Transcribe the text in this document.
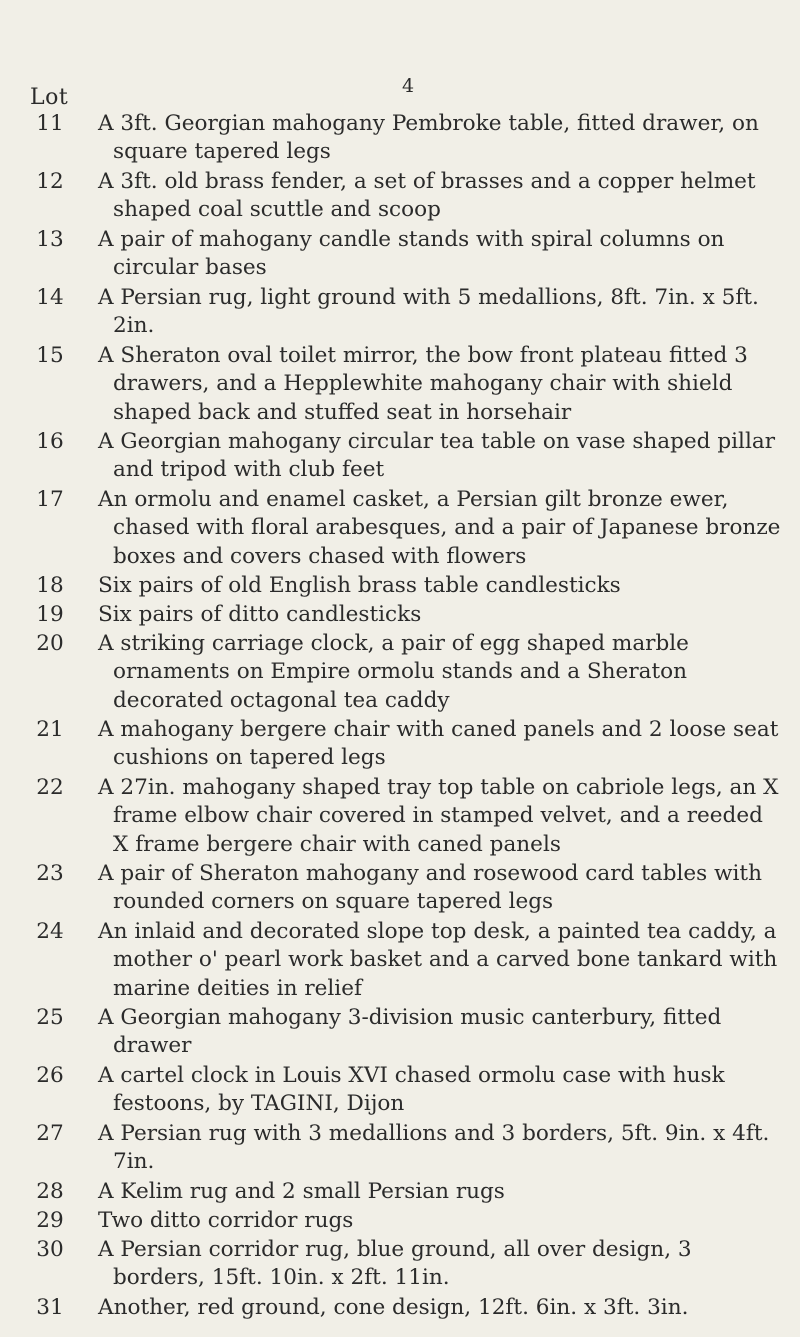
4
Lot
11 A 3ft. Georgian mahogany Pembroke table, fitted drawer, on square tapered legs
12 A 3ft. old brass fender, a set of brasses and a copper helmet shaped coal scuttle and scoop
13 A pair of mahogany candle stands with spiral columns on circular bases
14 A Persian rug, light ground with 5 medallions, 8ft. 7in. x 5ft. 2in.
15 A Sheraton oval toilet mirror, the bow front plateau fitted 3 drawers, and a Hepplewhite mahogany chair with shield shaped back and stuffed seat in horsehair
16 A Georgian mahogany circular tea table on vase shaped pillar and tripod with club feet
17 An ormolu and enamel casket, a Persian gilt bronze ewer, chased with floral arabesques, and a pair of Japanese bronze boxes and covers chased with flowers
18 Six pairs of old English brass table candlesticks
19 Six pairs of ditto candlesticks
20 A striking carriage clock, a pair of egg shaped marble ornaments on Empire ormolu stands and a Sheraton decorated octagonal tea caddy
21 A mahogany bergere chair with caned panels and 2 loose seat cushions on tapered legs
22 A 27in. mahogany shaped tray top table on cabriole legs, an X frame elbow chair covered in stamped velvet, and a reeded X frame bergere chair with caned panels
23 A pair of Sheraton mahogany and rosewood card tables with rounded corners on square tapered legs
24 An inlaid and decorated slope top desk, a painted tea caddy, a mother o' pearl work basket and a carved bone tankard with marine deities in relief
25 A Georgian mahogany 3-division music canterbury, fitted drawer
26 A cartel clock in Louis XVI chased ormolu case with husk festoons, by TAGINI, Dijon
27 A Persian rug with 3 medallions and 3 borders, 5ft. 9in. x 4ft. 7in.
28 A Kelim rug and 2 small Persian rugs
29 Two ditto corridor rugs
30 A Persian corridor rug, blue ground, all over design, 3 borders, 15ft. 10in. x 2ft. 11in.
31 Another, red ground, cone design, 12ft. 6in. x 3ft. 3in.
